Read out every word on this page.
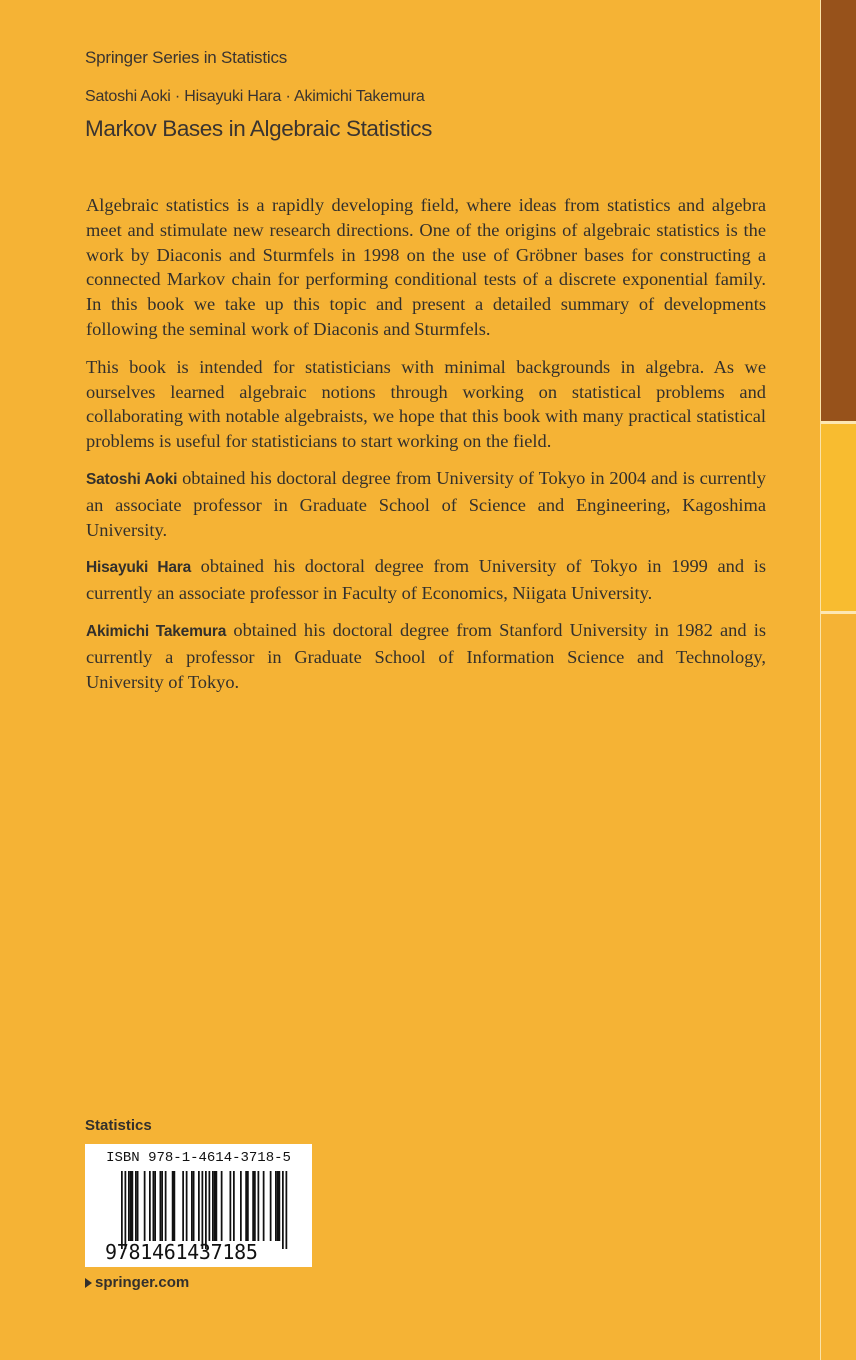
Springer Series in Statistics
Satoshi Aoki · Hisayuki Hara · Akimichi Takemura
Markov Bases in Algebraic Statistics

Algebraic statistics is a rapidly developing field, where ideas from statistics and algebra meet and stimulate new research directions. One of the origins of algebraic statistics is the work by Diaconis and Sturmfels in 1998 on the use of Gröbner bases for constructing a connected Markov chain for performing conditional tests of a discrete exponential family. In this book we take up this topic and present a detailed summary of developments following the seminal work of Diaconis and Sturmfels.

This book is intended for statisticians with minimal backgrounds in algebra. As we ourselves learned algebraic notions through working on statistical problems and collaborating with notable algebraists, we hope that this book with many practical statistical problems is useful for statisticians to start working on the field.

Satoshi Aoki obtained his doctoral degree from University of Tokyo in 2004 and is currently an associate professor in Graduate School of Science and Engineering, Kagoshima University.

Hisayuki Hara obtained his doctoral degree from University of Tokyo in 1999 and is currently an associate professor in Faculty of Economics, Niigata University.

Akimichi Takemura obtained his doctoral degree from Stanford University in 1982 and is currently a professor in Graduate School of Information Science and Technology, University of Tokyo.

Statistics
ISBN 978-1-4614-3718-5
9781461437185
springer.com
